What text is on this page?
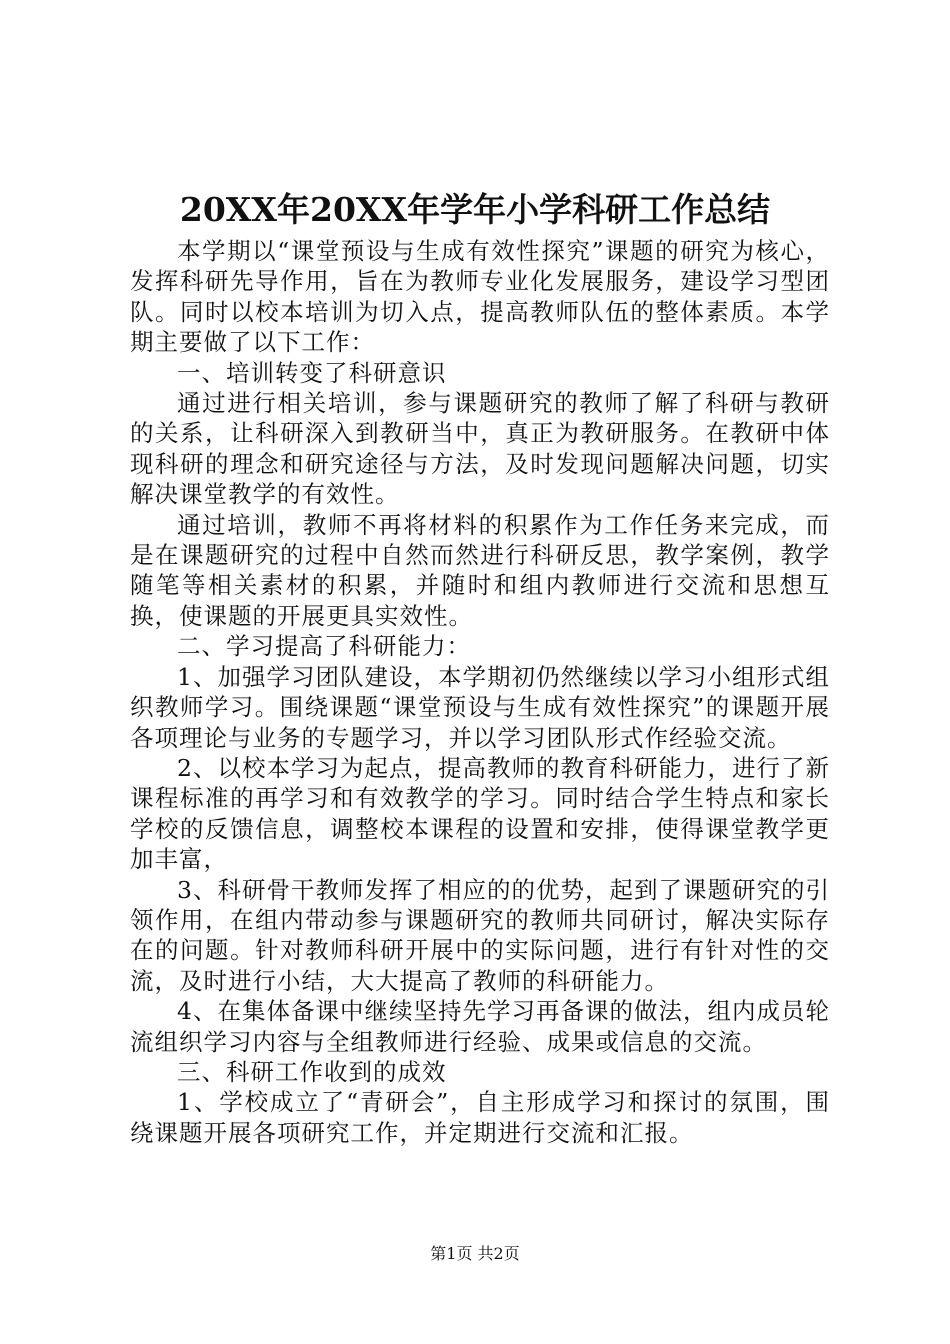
20XX年20XX年学年小学科研工作总结

本学期以“课堂预设与生成有效性探究”课题的研究为核心，发挥科研先导作用，旨在为教师专业化发展服务，建设学习型团队。同时以校本培训为切入点，提高教师队伍的整体素质。本学期主要做了以下工作：

一、培训转变了科研意识

通过进行相关培训，参与课题研究的教师了解了科研与教研的关系，让科研深入到教研当中，真正为教研服务。在教研中体现科研的理念和研究途径与方法，及时发现问题解决问题，切实解决课堂教学的有效性。

通过培训，教师不再将材料的积累作为工作任务来完成，而是在课题研究的过程中自然而然进行科研反思，教学案例，教学随笔等相关素材的积累，并随时和组内教师进行交流和思想互换，使课题的开展更具实效性。

二、学习提高了科研能力：

1、加强学习团队建设，本学期初仍然继续以学习小组形式组织教师学习。围绕课题“课堂预设与生成有效性探究”的课题开展各项理论与业务的专题学习，并以学习团队形式作经验交流。

2、以校本学习为起点，提高教师的教育科研能力，进行了新课程标准的再学习和有效教学的学习。同时结合学生特点和家长学校的反馈信息，调整校本课程的设置和安排，使得课堂教学更加丰富，

3、科研骨干教师发挥了相应的的优势，起到了课题研究的引领作用，在组内带动参与课题研究的教师共同研讨，解决实际存在的问题。针对教师科研开展中的实际问题，进行有针对性的交流，及时进行小结，大大提高了教师的科研能力。

4、在集体备课中继续坚持先学习再备课的做法，组内成员轮流组织学习内容与全组教师进行经验、成果或信息的交流。

三、科研工作收到的成效

1、学校成立了“青研会”，自主形成学习和探讨的氛围，围绕课题开展各项研究工作，并定期进行交流和汇报。

第1页 共2页
